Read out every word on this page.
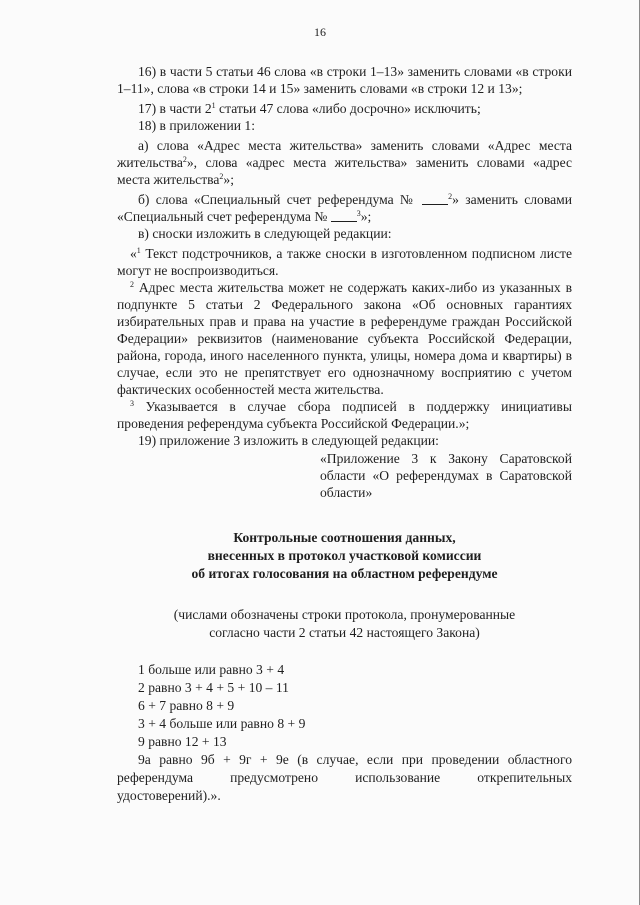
16

16) в части 5 статьи 46 слова «в строки 1–13» заменить словами «в строки 1–11», слова «в строки 14 и 15» заменить словами «в строки 12 и 13»;

17) в части $2^1$ статьи 47 слова «либо досрочно» исключить;

18) в приложении 1:

а) слова «Адрес места жительства» заменить словами «Адрес места жительства$^2$», слова «адрес места жительства» заменить словами «адрес места жительства$^2$»;

б) слова «Специальный счет референдума №	$^2$» заменить словами «Специальный счет референдума №	$^3$»;

в) сноски изложить в следующей редакции:

«$^1$ Текст подстрочников, а также сноски в изготовленном подписном листе могут не воспроизводиться.

$^2$ Адрес места жительства может не содержать каких-либо из указанных в подпункте 5 статьи 2 Федерального закона «Об основных гарантиях избирательных прав и права на участие в референдуме граждан Российской Федерации» реквизитов (наименование субъекта Российской Федерации, района, города, иного населенного пункта, улицы, номера дома и квартиры) в случае, если это не препятствует его однозначному восприятию с учетом фактических особенностей места жительства.

$^3$ Указывается в случае сбора подписей в поддержку инициативы проведения референдума субъекта Российской Федерации.»;

19) приложение 3 изложить в следующей редакции:

«Приложение 3 к Закону Саратовской области «О референдумах в Саратовской области»

Контрольные соотношения данных,
внесенных в протокол участковой комиссии
об итогах голосования на областном референдуме
(числами обозначены строки протокола, пронумерованные
согласно части 2 статьи 42 настоящего Закона)

1 больше или равно 3 + 4

2 равно 3 + 4 + 5 + 10 – 11

6 + 7 равно 8 + 9

3 + 4 больше или равно 8 + 9

9 равно 12 + 13

9а равно 9б + 9г + 9е (в случае, если при проведении областного референдума предусмотрено использование открепительных удостоверений).».
